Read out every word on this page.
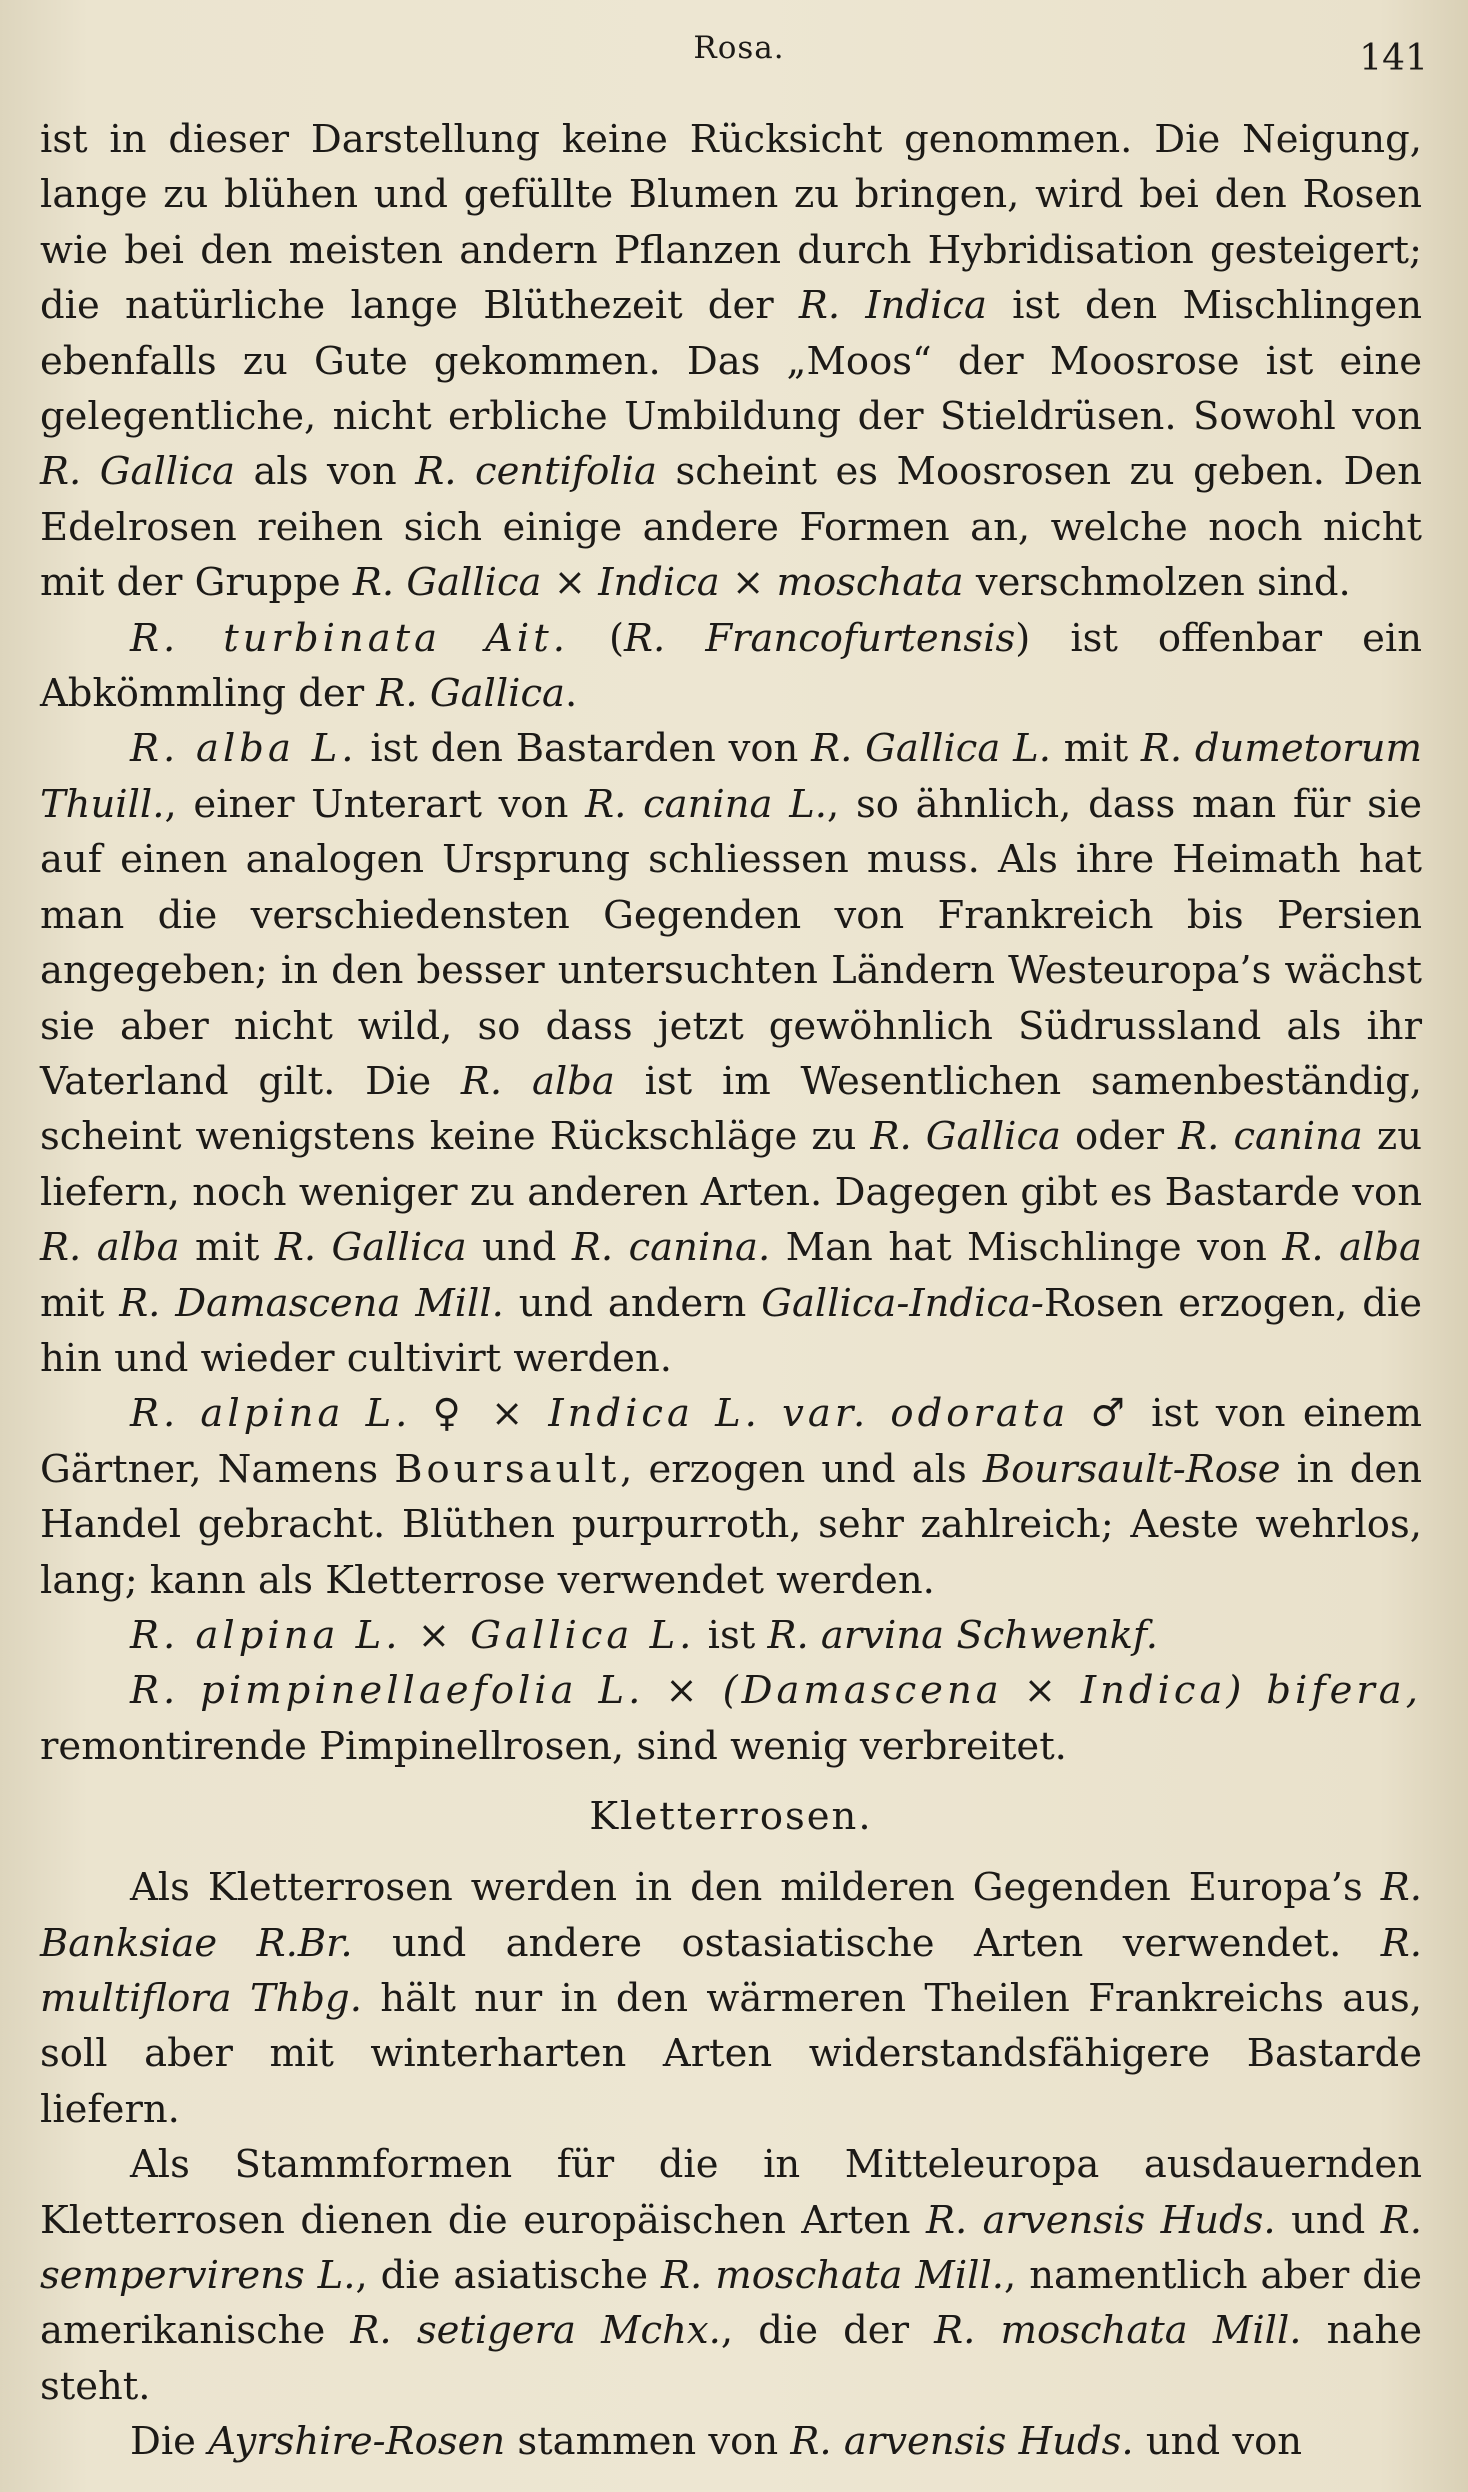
Rosa.	141

ist in dieser Darstellung keine Rücksicht genommen. Die Neigung, lange zu blühen und gefüllte Blumen zu bringen, wird bei den Rosen wie bei den meisten andern Pflanzen durch Hybridisation gesteigert; die natürliche lange Blüthezeit der R. Indica ist den Mischlingen ebenfalls zu Gute gekommen. Das „Moos“ der Moosrose ist eine gelegentliche, nicht erbliche Umbildung der Stieldrüsen. Sowohl von R. Gallica als von R. centifolia scheint es Moosrosen zu geben. Den Edelrosen reihen sich einige andere Formen an, welche noch nicht mit der Gruppe R. Gallica × Indica × moschata verschmolzen sind.

R. turbinata Ait. (R. Francofurtensis) ist offenbar ein Abkömmling der R. Gallica.

R. alba L. ist den Bastarden von R. Gallica L. mit R. dumetorum Thuill., einer Unterart von R. canina L., so ähnlich, dass man für sie auf einen analogen Ursprung schliessen muss. Als ihre Heimath hat man die verschiedensten Gegenden von Frankreich bis Persien angegeben; in den besser untersuchten Ländern Westeuropa’s wächst sie aber nicht wild, so dass jetzt gewöhnlich Südrussland als ihr Vaterland gilt. Die R. alba ist im Wesentlichen samenbeständig, scheint wenigstens keine Rückschläge zu R. Gallica oder R. canina zu liefern, noch weniger zu anderen Arten. Dagegen gibt es Bastarde von R. alba mit R. Gallica und R. canina. Man hat Mischlinge von R. alba mit R. Damascena Mill. und andern Gallica-Indica-Rosen erzogen, die hin und wieder cultivirt werden.

R. alpina L. ♀ × Indica L. var. odorata ♂ ist von einem Gärtner, Namens Boursault, erzogen und als Boursault-Rose in den Handel gebracht. Blüthen purpurroth, sehr zahlreich; Aeste wehrlos, lang; kann als Kletterrose verwendet werden.

R. alpina L. × Gallica L. ist R. arvina Schwenkf.

R. pimpinellaefolia L. × (Damascena × Indica) bifera, remontirende Pimpinellrosen, sind wenig verbreitet.

Kletterrosen.

Als Kletterrosen werden in den milderen Gegenden Europa’s R. Banksiae R.Br. und andere ostasiatische Arten verwendet. R. multiflora Thbg. hält nur in den wärmeren Theilen Frankreichs aus, soll aber mit winterharten Arten widerstandsfähigere Bastarde liefern.

Als Stammformen für die in Mitteleuropa ausdauernden Kletterrosen dienen die europäischen Arten R. arvensis Huds. und R. sempervirens L., die asiatische R. moschata Mill., namentlich aber die amerikanische R. setigera Mchx., die der R. moschata Mill. nahe steht.

Die Ayrshire-Rosen stammen von R. arvensis Huds. und von
